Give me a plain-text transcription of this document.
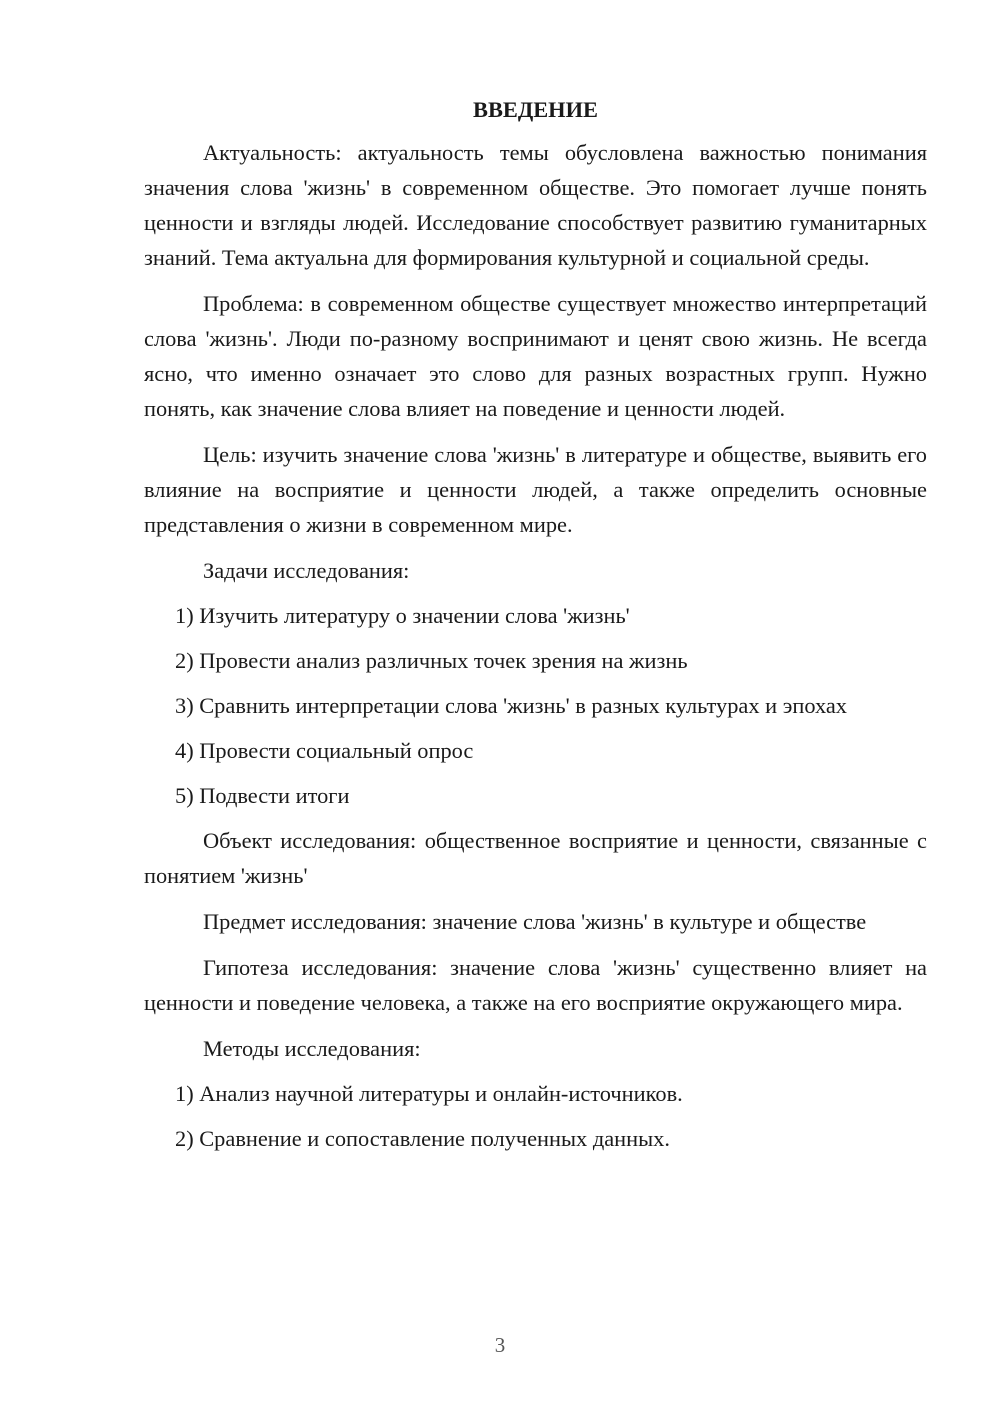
ВВЕДЕНИЕ

Актуальность: актуальность темы обусловлена важностью понимания значения слова 'жизнь' в современном обществе. Это помогает лучше понять ценности и взгляды людей. Исследование способствует развитию гуманитарных знаний. Тема актуальна для формирования культурной и социальной среды.

Проблема: в современном обществе существует множество интерпретаций слова 'жизнь'. Люди по-разному воспринимают и ценят свою жизнь. Не всегда ясно, что именно означает это слово для разных возрастных групп. Нужно понять, как значение слова влияет на поведение и ценности людей.

Цель: изучить значение слова 'жизнь' в литературе и обществе, выявить его влияние на восприятие и ценности людей, а также определить основные представления о жизни в современном мире.

Задачи исследования:

1) Изучить литературу о значении слова 'жизнь'

2) Провести анализ различных точек зрения на жизнь

3) Сравнить интерпретации слова 'жизнь' в разных культурах и эпохах

4) Провести социальный опрос

5) Подвести итоги

Объект исследования: общественное восприятие и ценности, связанные с понятием 'жизнь'

Предмет исследования: значение слова 'жизнь' в культуре и обществе

Гипотеза исследования: значение слова 'жизнь' существенно влияет на ценности и поведение человека, а также на его восприятие окружающего мира.

Методы исследования:

1) Анализ научной литературы и онлайн-источников.

2) Сравнение и сопоставление полученных данных.

3
